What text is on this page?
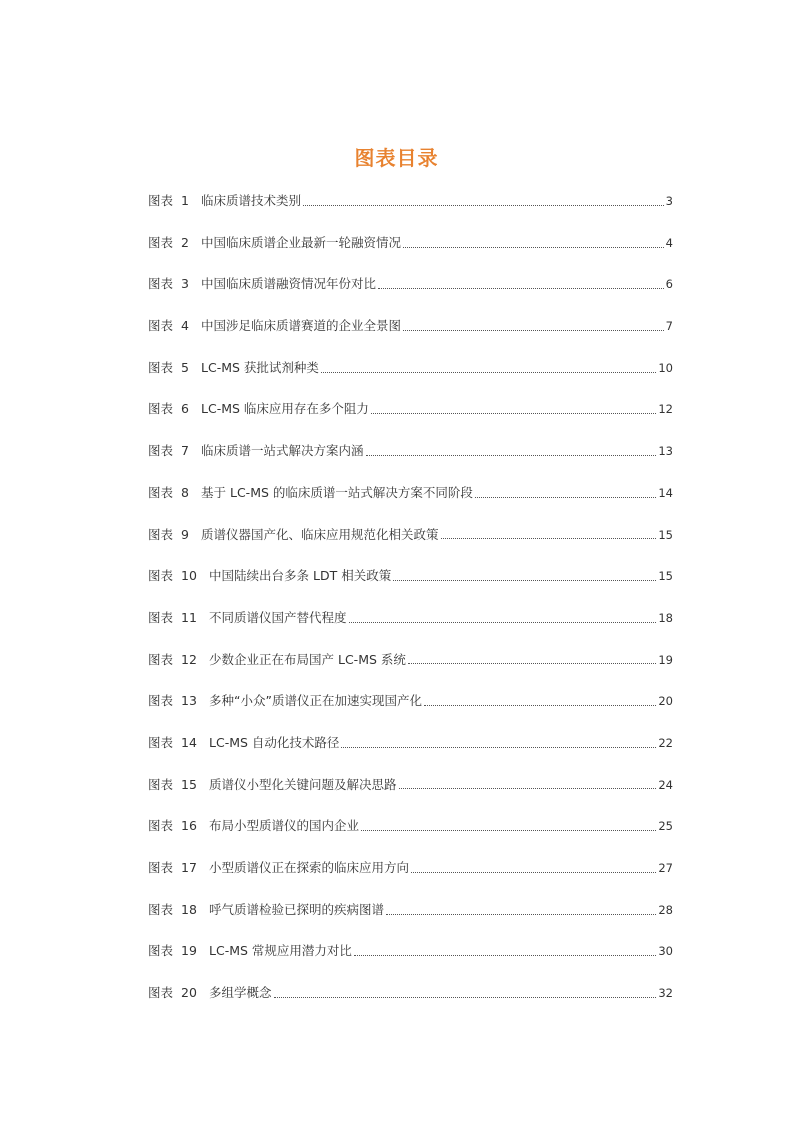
图表目录
图表 1 临床质谱技术类别	3
图表 2 中国临床质谱企业最新一轮融资情况	4
图表 3 中国临床质谱融资情况年份对比	6
图表 4 中国涉足临床质谱赛道的企业全景图	7
图表 5 LC-MS 获批试剂种类	10
图表 6 LC-MS 临床应用存在多个阻力	12
图表 7 临床质谱一站式解决方案内涵	13
图表 8 基于 LC-MS 的临床质谱一站式解决方案不同阶段	14
图表 9 质谱仪器国产化、临床应用规范化相关政策	15
图表 10 中国陆续出台多条 LDT 相关政策	15
图表 11 不同质谱仪国产替代程度	18
图表 12 少数企业正在布局国产 LC-MS 系统	19
图表 13 多种“小众”质谱仪正在加速实现国产化	20
图表 14 LC-MS 自动化技术路径	22
图表 15 质谱仪小型化关键问题及解决思路	24
图表 16 布局小型质谱仪的国内企业	25
图表 17 小型质谱仪正在探索的临床应用方向	27
图表 18 呼气质谱检验已探明的疾病图谱	28
图表 19 LC-MS 常规应用潜力对比	30
图表 20 多组学概念	32
